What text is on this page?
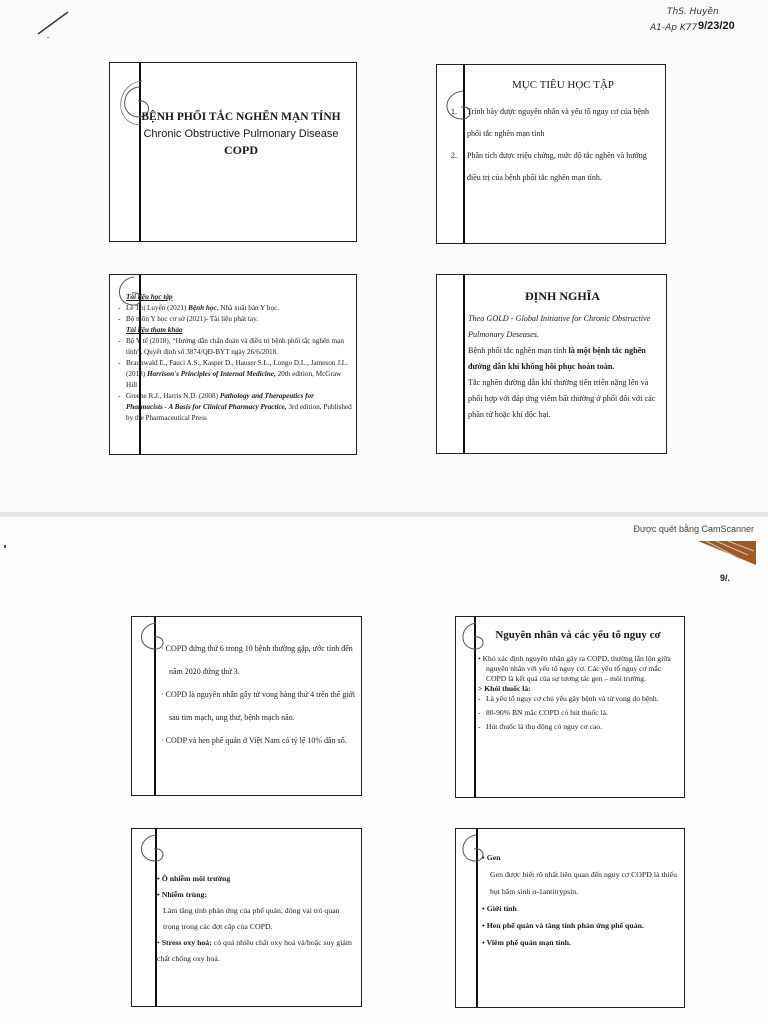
ThS. Huyền
A1-Ap K77 9/23/20
BỆNH PHỔI TẮC NGHẼN MẠN TÍNH
Chronic Obstructive Pulmonary Disease
COPD
MỤC TIÊU HỌC TẬP
1.	Trình bày được nguyên nhân và yếu tố nguy cơ của bệnh
phổi tắc nghẽn mạn tính
2.	Phân tích được triệu chứng, mức độ tắc nghẽn và hướng
điều trị của bệnh phổi tắc nghẽn mạn tính.
Tài liệu học tập
- Lê Thị Luyến (2021) Bệnh học, Nhà xuất bản Y học.
- Bộ môn Y học cơ sở (2021)- Tài liệu phát tay.
Tài liệu tham khảo
- Bộ Y tế (2018), “Hướng dẫn chẩn đoán và điều trị bệnh phổi tắc nghẽn mạn tính”, Quyết định số 3874/QĐ-BYT ngày 26/6/2018.
- Braunwald E., Fauci A.S., Kasper D., Hauser S.L., Longo D.L., Jameson J.L. (2018) Harrison's Principles of Internal Medicine, 20th edition, McGraw Hill .
- Greene R.J., Harris N.D. (2008) Pathology and Therapeutics for Pharmacists - A Basis for Clinical Pharmacy Practice, 3rd edition, Published by the Pharmaceutical Press
ĐỊNH NGHĨA
Theo GOLD - Global Initiative for Chronic Obstructive Pulmonary Deseases.
Bệnh phổi tắc nghẽn mạn tính là một bệnh tắc nghẽn đường dẫn khí không hồi phục hoàn toàn.
Tắc nghẽn đường dẫn khí thường tiến triển nặng lên và phối hợp với đáp ứng viêm bất thường ở phổi đối với các phần tử hoặc khí độc hại.
9/.
· COPD đứng thứ 6 trong 10 bệnh thường gặp, ước tính đến năm 2020 đứng thứ 3.
· COPD là nguyên nhân gây tử vong hàng thứ 4 trên thế giới sau tim mạch, ung thư, bệnh mạch não.
· CODP và hen phế quản ở Việt Nam có tỷ lệ 10% dân số.
Nguyên nhân và các yếu tố nguy cơ
• Khó xác định nguyên nhân gây ra COPD, thường lẫn lộn giữa nguyên nhân với yếu tố nguy cơ. Các yếu tố nguy cơ mắc COPD là kết quả của sự tương tác gen – môi trường.
> Khói thuốc lá:
- Là yếu tố nguy cơ chủ yếu gây bệnh và tử vong do bệnh.
- 80-90% BN mắc COPD có hút thuốc lá.
- Hút thuốc lá thụ động có nguy cơ cao.
• Ô nhiễm môi trường
• Nhiễm trùng:
Làm tăng tính phản ứng của phế quản, đóng vai trò quan trọng trong các đợt cấp của COPD.
• Stress oxy hoá: có quá nhiều chất oxy hoá và/hoặc suy giảm chất chống oxy hoá.
• Gen
Gen được biết rõ nhất liên quan đến nguy cơ COPD là thiếu hụt bẩm sinh α-1antitrypsin.
• Giới tính
• Hen phế quản và tăng tính phản ứng phế quản.
• Viêm phế quản mạn tính.
Được quét bằng CamScanner
